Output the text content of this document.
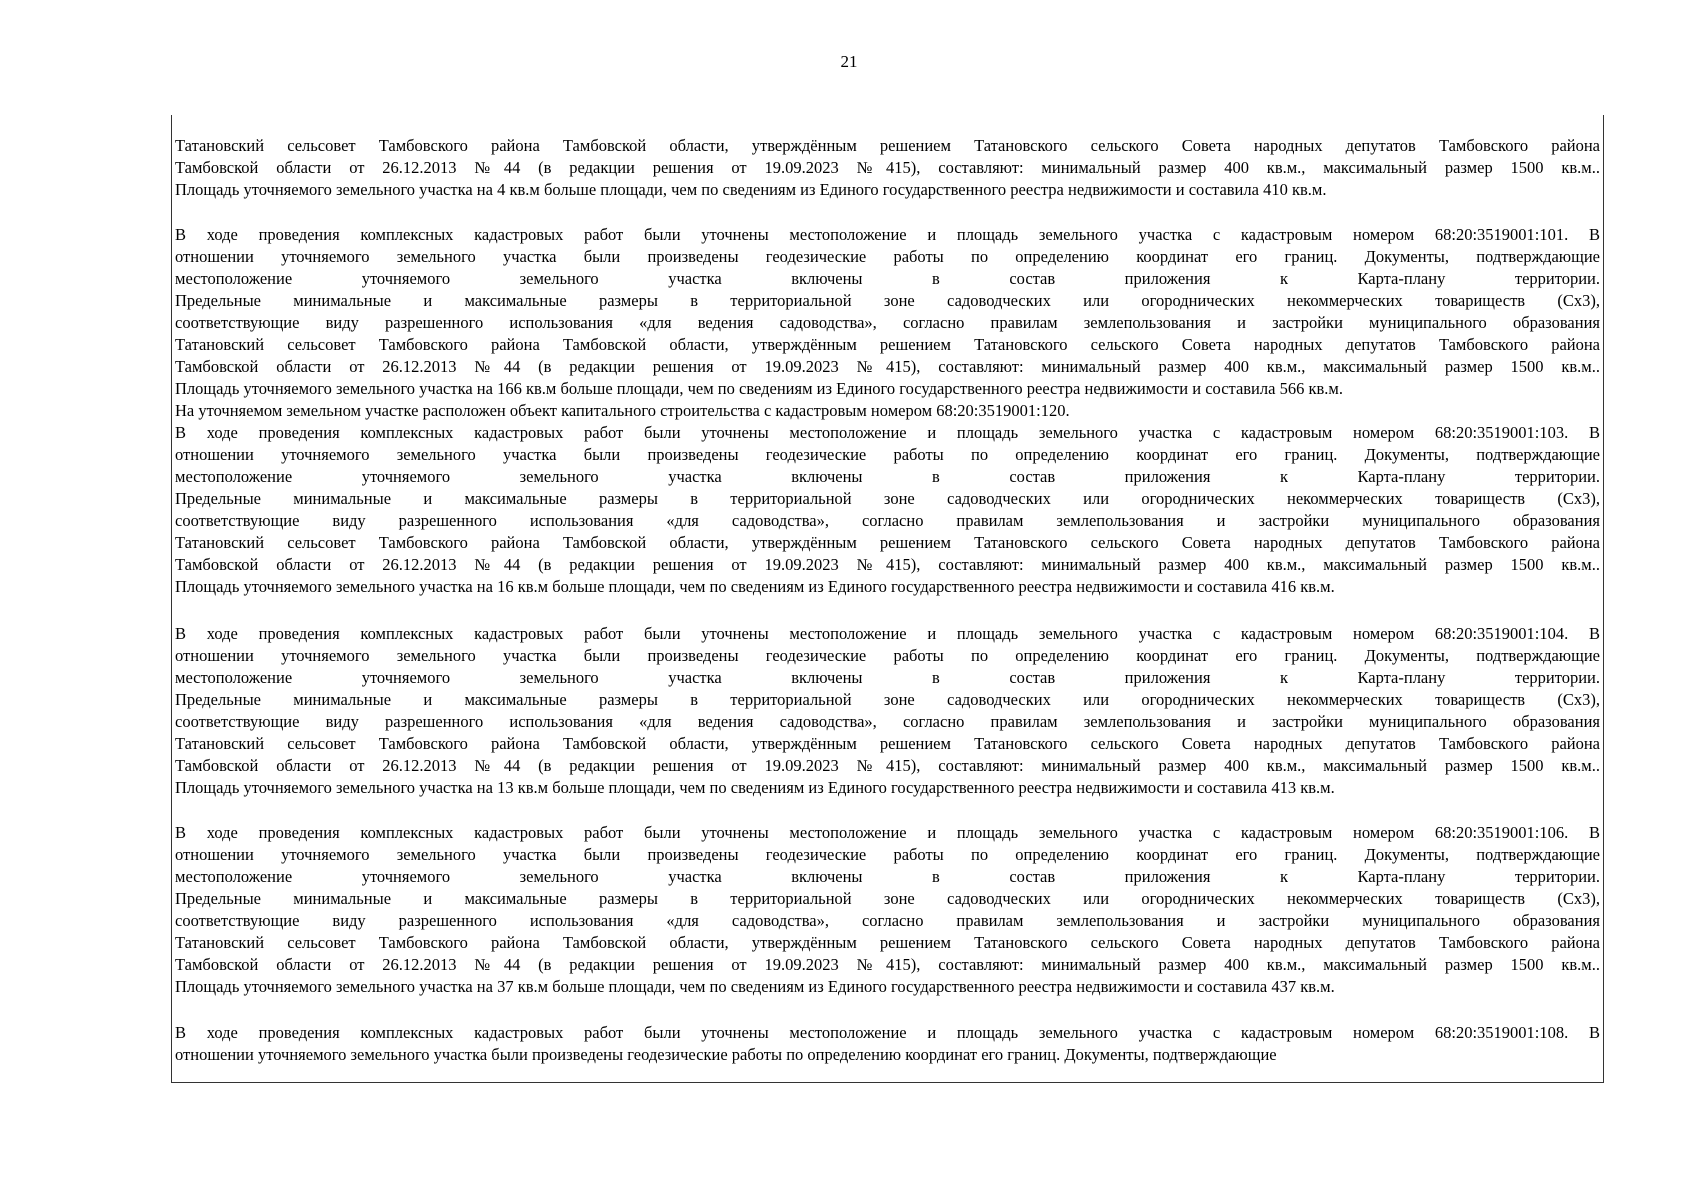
21
Татановский сельсовет Тамбовского района Тамбовской области, утверждённым решением Татановского сельского Совета народных депутатов Тамбовского района
Тамбовской области от 26.12.2013 №44 (в редакции решения от 19.09.2023 №415), составляют: минимальный размер 400 кв.м., максимальный размер 1500 кв.м..
Площадь уточняемого земельного участка на 4 кв.м больше площади, чем по сведениям из Единого государственного реестра недвижимости и составила 410 кв.м.
В ходе проведения комплексных кадастровых работ были уточнены местоположение и площадь земельного участка с кадастровым номером 68:20:3519001:101. В
отношении уточняемого земельного участка были произведены геодезические работы по определению координат его границ. Документы, подтверждающие
местоположение уточняемого земельного участка включены в состав приложения к Карта-плану территории.
Предельные минимальные и максимальные размеры в территориальной зоне садоводческих или огороднических некоммерческих товариществ (Сх3),
соответствующие виду разрешенного использования «для ведения садоводства», согласно правилам землепользования и застройки муниципального образования
Татановский сельсовет Тамбовского района Тамбовской области, утверждённым решением Татановского сельского Совета народных депутатов Тамбовского района
Тамбовской области от 26.12.2013 №44 (в редакции решения от 19.09.2023 №415), составляют: минимальный размер 400 кв.м., максимальный размер 1500 кв.м..
Площадь уточняемого земельного участка на 166 кв.м больше площади, чем по сведениям из Единого государственного реестра недвижимости и составила 566 кв.м.
На уточняемом земельном участке расположен объект капитального строительства с кадастровым номером 68:20:3519001:120.
В ходе проведения комплексных кадастровых работ были уточнены местоположение и площадь земельного участка с кадастровым номером 68:20:3519001:103. В
отношении уточняемого земельного участка были произведены геодезические работы по определению координат его границ. Документы, подтверждающие
местоположение уточняемого земельного участка включены в состав приложения к Карта-плану территории.
Предельные минимальные и максимальные размеры в территориальной зоне садоводческих или огороднических некоммерческих товариществ (Сх3),
соответствующие виду разрешенного использования «для садоводства», согласно правилам землепользования и застройки муниципального образования
Татановский сельсовет Тамбовского района Тамбовской области, утверждённым решением Татановского сельского Совета народных депутатов Тамбовского района
Тамбовской области от 26.12.2013 №44 (в редакции решения от 19.09.2023 №415), составляют: минимальный размер 400 кв.м., максимальный размер 1500 кв.м..
Площадь уточняемого земельного участка на 16 кв.м больше площади, чем по сведениям из Единого государственного реестра недвижимости и составила 416 кв.м.
В ходе проведения комплексных кадастровых работ были уточнены местоположение и площадь земельного участка с кадастровым номером 68:20:3519001:104. В
отношении уточняемого земельного участка были произведены геодезические работы по определению координат его границ. Документы, подтверждающие
местоположение уточняемого земельного участка включены в состав приложения к Карта-плану территории.
Предельные минимальные и максимальные размеры в территориальной зоне садоводческих или огороднических некоммерческих товариществ (Сх3),
соответствующие виду разрешенного использования «для ведения садоводства», согласно правилам землепользования и застройки муниципального образования
Татановский сельсовет Тамбовского района Тамбовской области, утверждённым решением Татановского сельского Совета народных депутатов Тамбовского района
Тамбовской области от 26.12.2013 №44 (в редакции решения от 19.09.2023 №415), составляют: минимальный размер 400 кв.м., максимальный размер 1500 кв.м..
Площадь уточняемого земельного участка на 13 кв.м больше площади, чем по сведениям из Единого государственного реестра недвижимости и составила 413 кв.м.
В ходе проведения комплексных кадастровых работ были уточнены местоположение и площадь земельного участка с кадастровым номером 68:20:3519001:106. В
отношении уточняемого земельного участка были произведены геодезические работы по определению координат его границ. Документы, подтверждающие
местоположение уточняемого земельного участка включены в состав приложения к Карта-плану территории.
Предельные минимальные и максимальные размеры в территориальной зоне садоводческих или огороднических некоммерческих товариществ (Сх3),
соответствующие виду разрешенного использования «для садоводства», согласно правилам землепользования и застройки муниципального образования
Татановский сельсовет Тамбовского района Тамбовской области, утверждённым решением Татановского сельского Совета народных депутатов Тамбовского района
Тамбовской области от 26.12.2013 №44 (в редакции решения от 19.09.2023 №415), составляют: минимальный размер 400 кв.м., максимальный размер 1500 кв.м..
Площадь уточняемого земельного участка на 37 кв.м больше площади, чем по сведениям из Единого государственного реестра недвижимости и составила 437 кв.м.
В ходе проведения комплексных кадастровых работ были уточнены местоположение и площадь земельного участка с кадастровым номером 68:20:3519001:108. В
отношении уточняемого земельного участка были произведены геодезические работы по определению координат его границ. Документы, подтверждающие
